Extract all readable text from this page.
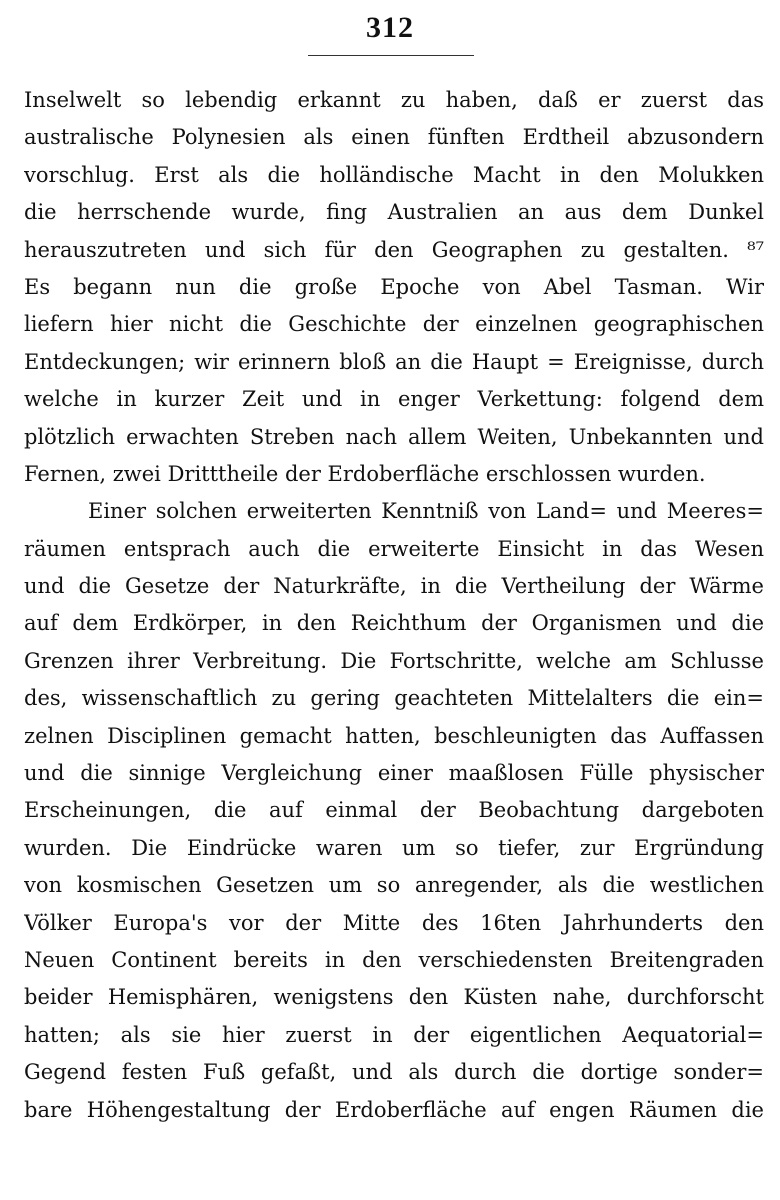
312
Inselwelt so lebendig erkannt zu haben, daß er zuerst das
australische Polynesien als einen fünften Erdtheil abzusondern
vorschlug. Erst als die holländische Macht in den Molukken
die herrschende wurde, fing Australien an aus dem Dunkel
herauszutreten und sich für den Geographen zu gestalten. ⁸⁷
Es begann nun die große Epoche von Abel Tasman. Wir
liefern hier nicht die Geschichte der einzelnen geographischen
Entdeckungen; wir erinnern bloß an die Haupt = Ereignisse, durch
welche in kurzer Zeit und in enger Verkettung: folgend dem
plötzlich erwachten Streben nach allem Weiten, Unbekannten und
Fernen, zwei Dritttheile der Erdoberfläche erschlossen wurden.
Einer solchen erweiterten Kenntniß von Land= und Meeres=
räumen entsprach auch die erweiterte Einsicht in das Wesen
und die Gesetze der Naturkräfte, in die Vertheilung der Wärme
auf dem Erdkörper, in den Reichthum der Organismen und die
Grenzen ihrer Verbreitung. Die Fortschritte, welche am Schlusse
des, wissenschaftlich zu gering geachteten Mittelalters die ein=
zelnen Disciplinen gemacht hatten, beschleunigten das Auffassen
und die sinnige Vergleichung einer maaßlosen Fülle physischer
Erscheinungen, die auf einmal der Beobachtung dargeboten
wurden. Die Eindrücke waren um so tiefer, zur Ergründung
von kosmischen Gesetzen um so anregender, als die westlichen
Völker Europa's vor der Mitte des 16ten Jahrhunderts den
Neuen Continent bereits in den verschiedensten Breitengraden
beider Hemisphären, wenigstens den Küsten nahe, durchforscht
hatten; als sie hier zuerst in der eigentlichen Aequatorial=
Gegend festen Fuß gefaßt, und als durch die dortige sonder=
bare Höhengestaltung der Erdoberfläche auf engen Räumen die
